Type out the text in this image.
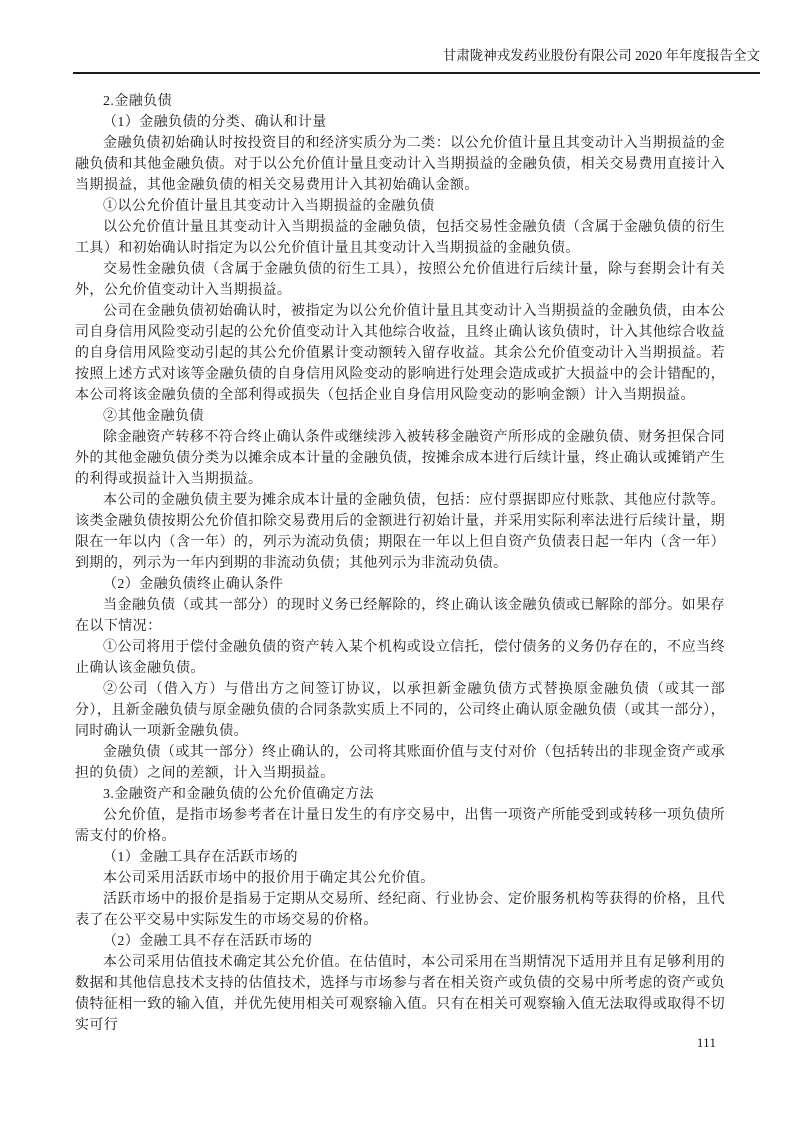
甘肃陇神戎发药业股份有限公司 2020 年年度报告全文

2.金融负债

（1）金融负债的分类、确认和计量

金融负债初始确认时按投资目的和经济实质分为二类：以公允价值计量且其变动计入当期损益的金融负债和其他金融负债。对于以公允价值计量且变动计入当期损益的金融负债，相关交易费用直接计入当期损益，其他金融负债的相关交易费用计入其初始确认金额。

①以公允价值计量且其变动计入当期损益的金融负债

以公允价值计量且其变动计入当期损益的金融负债，包括交易性金融负债（含属于金融负债的衍生工具）和初始确认时指定为以公允价值计量且其变动计入当期损益的金融负债。

交易性金融负债（含属于金融负债的衍生工具），按照公允价值进行后续计量，除与套期会计有关外，公允价值变动计入当期损益。

公司在金融负债初始确认时，被指定为以公允价值计量且其变动计入当期损益的金融负债，由本公司自身信用风险变动引起的公允价值变动计入其他综合收益，且终止确认该负债时，计入其他综合收益的自身信用风险变动引起的其公允价值累计变动额转入留存收益。其余公允价值变动计入当期损益。若按照上述方式对该等金融负债的自身信用风险变动的影响进行处理会造成或扩大损益中的会计错配的，本公司将该金融负债的全部利得或损失（包括企业自身信用风险变动的影响金额）计入当期损益。

②其他金融负债

除金融资产转移不符合终止确认条件或继续涉入被转移金融资产所形成的金融负债、财务担保合同外的其他金融负债分类为以摊余成本计量的金融负债，按摊余成本进行后续计量，终止确认或摊销产生的利得或损益计入当期损益。

本公司的金融负债主要为摊余成本计量的金融负债，包括：应付票据即应付账款、其他应付款等。该类金融负债按期公允价值扣除交易费用后的金额进行初始计量，并采用实际利率法进行后续计量，期限在一年以内（含一年）的，列示为流动负债；期限在一年以上但自资产负债表日起一年内（含一年）到期的，列示为一年内到期的非流动负债；其他列示为非流动负债。

（2）金融负债终止确认条件

当金融负债（或其一部分）的现时义务已经解除的，终止确认该金融负债或已解除的部分。如果存在以下情况：

①公司将用于偿付金融负债的资产转入某个机构或设立信托，偿付债务的义务仍存在的，不应当终止确认该金融负债。

②公司（借入方）与借出方之间签订协议，以承担新金融负债方式替换原金融负债（或其一部分），且新金融负债与原金融负债的合同条款实质上不同的，公司终止确认原金融负债（或其一部分），同时确认一项新金融负债。

金融负债（或其一部分）终止确认的，公司将其账面价值与支付对价（包括转出的非现金资产或承担的负债）之间的差额，计入当期损益。

3.金融资产和金融负债的公允价值确定方法

公允价值，是指市场参考者在计量日发生的有序交易中，出售一项资产所能受到或转移一项负债所需支付的价格。

（1）金融工具存在活跃市场的

本公司采用活跃市场中的报价用于确定其公允价值。

活跃市场中的报价是指易于定期从交易所、经纪商、行业协会、定价服务机构等获得的价格，且代表了在公平交易中实际发生的市场交易的价格。

（2）金融工具不存在活跃市场的

本公司采用估值技术确定其公允价值。在估值时，本公司采用在当期情况下适用并且有足够利用的数据和其他信息技术支持的估值技术，选择与市场参与者在相关资产或负债的交易中所考虑的资产或负债特征相一致的输入值，并优先使用相关可观察输入值。只有在相关可观察输入值无法取得或取得不切实可行

111
